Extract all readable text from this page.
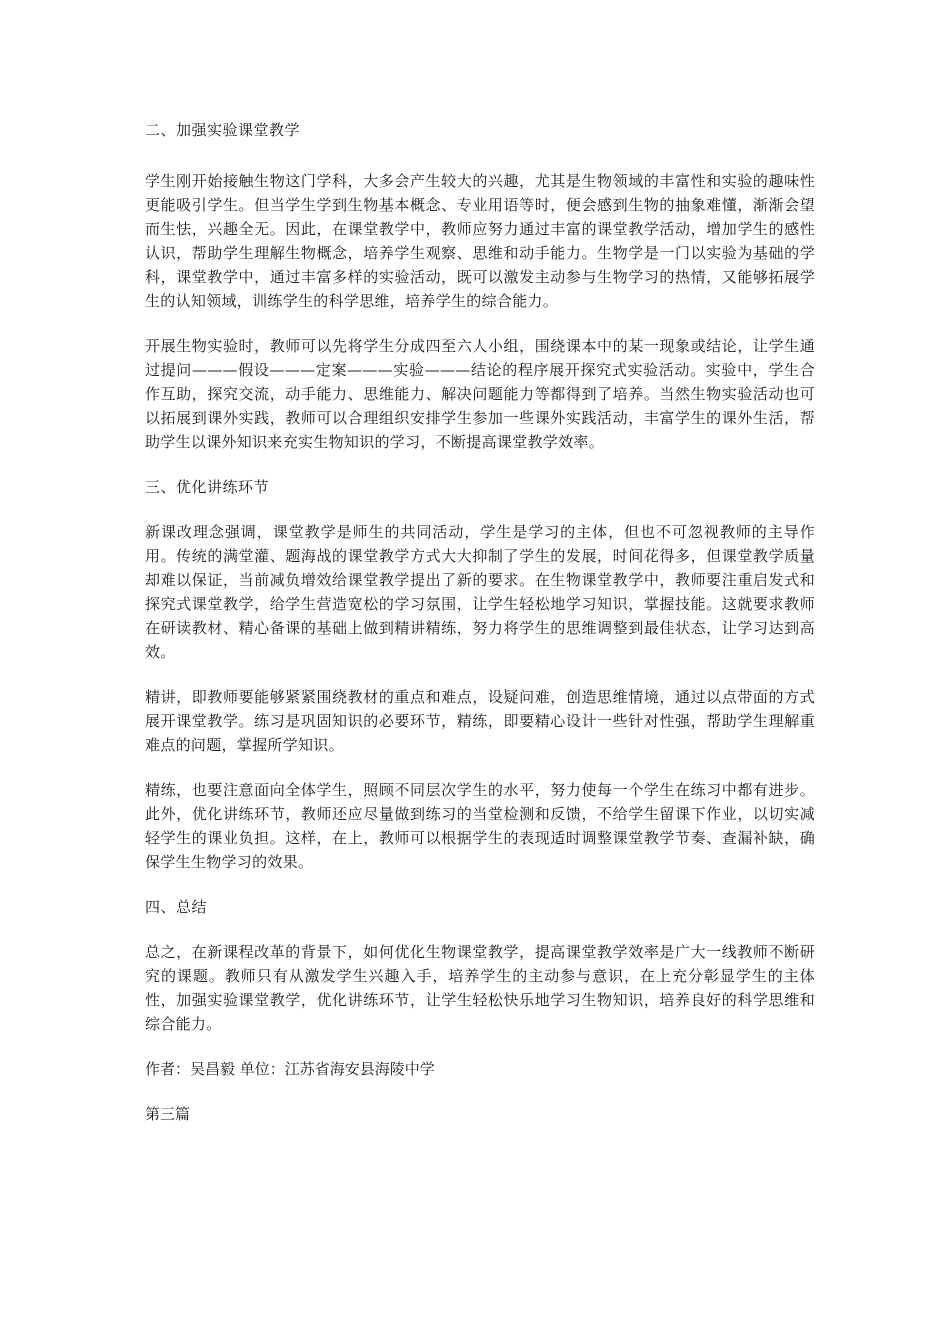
二、加强实验课堂教学

学生刚开始接触生物这门学科，大多会产生较大的兴趣，尤其是生物领域的丰富性和实验的趣味性更能吸引学生。但当学生学到生物基本概念、专业用语等时，便会感到生物的抽象难懂，渐渐会望而生怯，兴趣全无。因此，在课堂教学中，教师应努力通过丰富的课堂教学活动，增加学生的感性认识，帮助学生理解生物概念，培养学生观察、思维和动手能力。生物学是一门以实验为基础的学科，课堂教学中，通过丰富多样的实验活动，既可以激发主动参与生物学习的热情，又能够拓展学生的认知领域，训练学生的科学思维，培养学生的综合能力。

开展生物实验时，教师可以先将学生分成四至六人小组，围绕课本中的某一现象或结论，让学生通过提问———假设———定案———实验———结论的程序展开探究式实验活动。实验中，学生合作互助，探究交流，动手能力、思维能力、解决问题能力等都得到了培养。当然生物实验活动也可以拓展到课外实践，教师可以合理组织安排学生参加一些课外实践活动，丰富学生的课外生活，帮助学生以课外知识来充实生物知识的学习，不断提高课堂教学效率。

三、优化讲练环节

新课改理念强调，课堂教学是师生的共同活动，学生是学习的主体，但也不可忽视教师的主导作用。传统的满堂灌、题海战的课堂教学方式大大抑制了学生的发展，时间花得多，但课堂教学质量却难以保证，当前减负增效给课堂教学提出了新的要求。在生物课堂教学中，教师要注重启发式和探究式课堂教学，给学生营造宽松的学习氛围，让学生轻松地学习知识，掌握技能。这就要求教师在研读教材、精心备课的基础上做到精讲精练，努力将学生的思维调整到最佳状态，让学习达到高效。

精讲，即教师要能够紧紧围绕教材的重点和难点，设疑问难，创造思维情境，通过以点带面的方式展开课堂教学。练习是巩固知识的必要环节，精练，即要精心设计一些针对性强，帮助学生理解重难点的问题，掌握所学知识。

精练，也要注意面向全体学生，照顾不同层次学生的水平，努力使每一个学生在练习中都有进步。此外，优化讲练环节，教师还应尽量做到练习的当堂检测和反馈，不给学生留课下作业，以切实减轻学生的课业负担。这样，在上，教师可以根据学生的表现适时调整课堂教学节奏、查漏补缺，确保学生生物学习的效果。

四、总结

总之，在新课程改革的背景下，如何优化生物课堂教学，提高课堂教学效率是广大一线教师不断研究的课题。教师只有从激发学生兴趣入手，培养学生的主动参与意识，在上充分彰显学生的主体性，加强实验课堂教学，优化讲练环节，让学生轻松快乐地学习生物知识，培养良好的科学思维和综合能力。

作者：吴昌毅 单位：江苏省海安县海陵中学

第三篇
